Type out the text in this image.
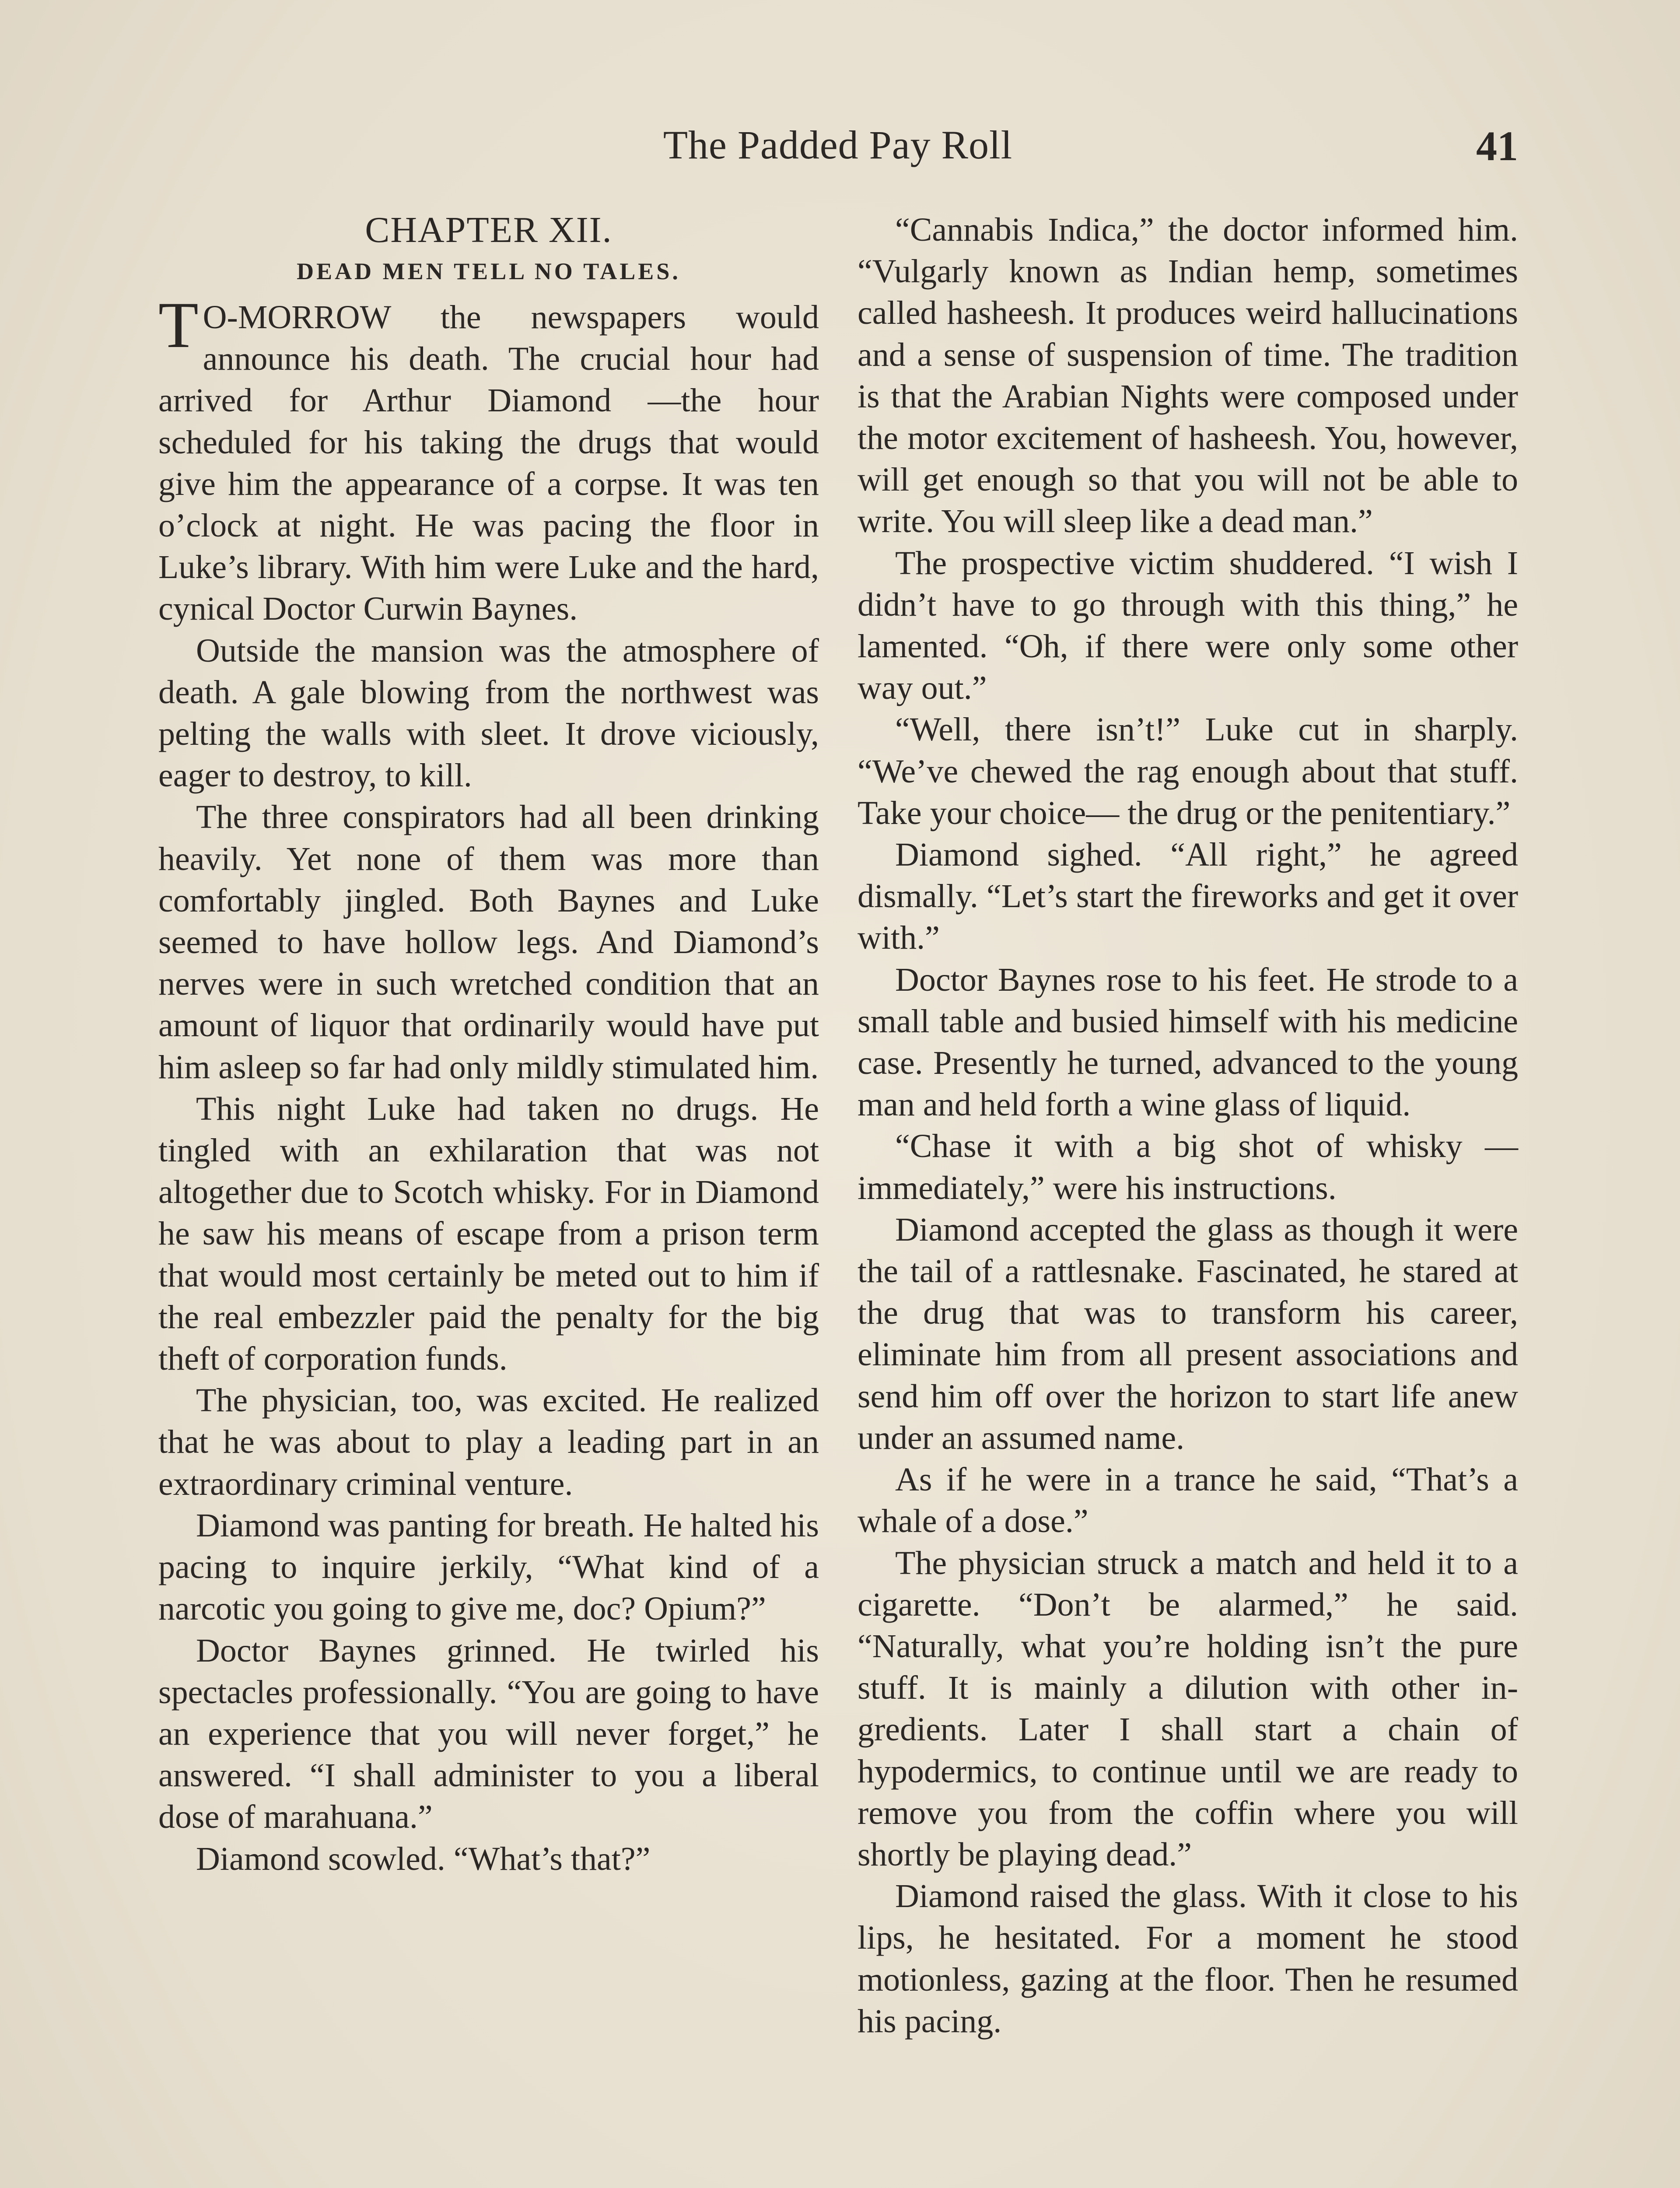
The Padded Pay Roll	41
CHAPTER XII.
DEAD MEN TELL NO TALES.

T O-MORROW the newspapers would announce his death. The crucial hour had arrived for Arthur Diamond —the hour scheduled for his taking the drugs that would give him the appearance of a corpse. It was ten o’clock at night. He was pacing the floor in Luke’s library. With him were Luke and the hard, cynical Doctor Curwin Baynes.

Outside the mansion was the atmosphere of death. A gale blowing from the northwest was pelting the walls with sleet. It drove viciously, eager to destroy, to kill.

The three conspirators had all been drinking heavily. Yet none of them was more than comfortably jingled. Both Baynes and Luke seemed to have hollow legs. And Diamond’s nerves were in such wretched condition that an amount of liquor that ordinarily would have put him asleep so far had only mildly stimulated him.

This night Luke had taken no drugs. He tingled with an exhilaration that was not altogether due to Scotch whisky. For in Diamond he saw his means of escape from a prison term that would most certainly be meted out to him if the real embezzler paid the penalty for the big theft of corporation funds.

The physician, too, was excited. He realized that he was about to play a leading part in an extraordinary criminal venture.

Diamond was panting for breath. He halted his pacing to inquire jerkily, “What kind of a narcotic you going to give me, doc? Opium?”

Doctor Baynes grinned. He twirled his spectacles professionally. “You are going to have an experience that you will never forget,” he answered. “I shall administer to you a liberal dose of marahuana.”

Diamond scowled. “What’s that?”

“Cannabis Indica,” the doctor informed him. “Vulgarly known as Indian hemp, sometimes called hasheesh. It produces weird hallucinations and a sense of suspension of time. The tradition is that the Arabian Nights were composed under the motor excitement of hasheesh. You, however, will get enough so that you will not be able to write. You will sleep like a dead man.”

The prospective victim shuddered. “I wish I didn’t have to go through with this thing,” he lamented. “Oh, if there were only some other way out.”

“Well, there isn’t!” Luke cut in sharply. “We’ve chewed the rag enough about that stuff. Take your choice— the drug or the penitentiary.”

Diamond sighed. “All right,” he agreed dismally. “Let’s start the fireworks and get it over with.”

Doctor Baynes rose to his feet. He strode to a small table and busied himself with his medicine case. Presently he turned, advanced to the young man and held forth a wine glass of liquid.

“Chase it with a big shot of whisky —immediately,” were his instructions.

Diamond accepted the glass as though it were the tail of a rattlesnake. Fascinated, he stared at the drug that was to transform his career, eliminate him from all present associations and send him off over the horizon to start life anew under an assumed name.

As if he were in a trance he said, “That’s a whale of a dose.”

The physician struck a match and held it to a cigarette. “Don’t be alarmed,” he said. “Naturally, what you’re holding isn’t the pure stuff. It is mainly a dilution with other ingredients. Later I shall start a chain of hypodermics, to continue until we are ready to remove you from the coffin where you will shortly be playing dead.”

Diamond raised the glass. With it close to his lips, he hesitated. For a moment he stood motionless, gazing at the floor. Then he resumed his pacing.
